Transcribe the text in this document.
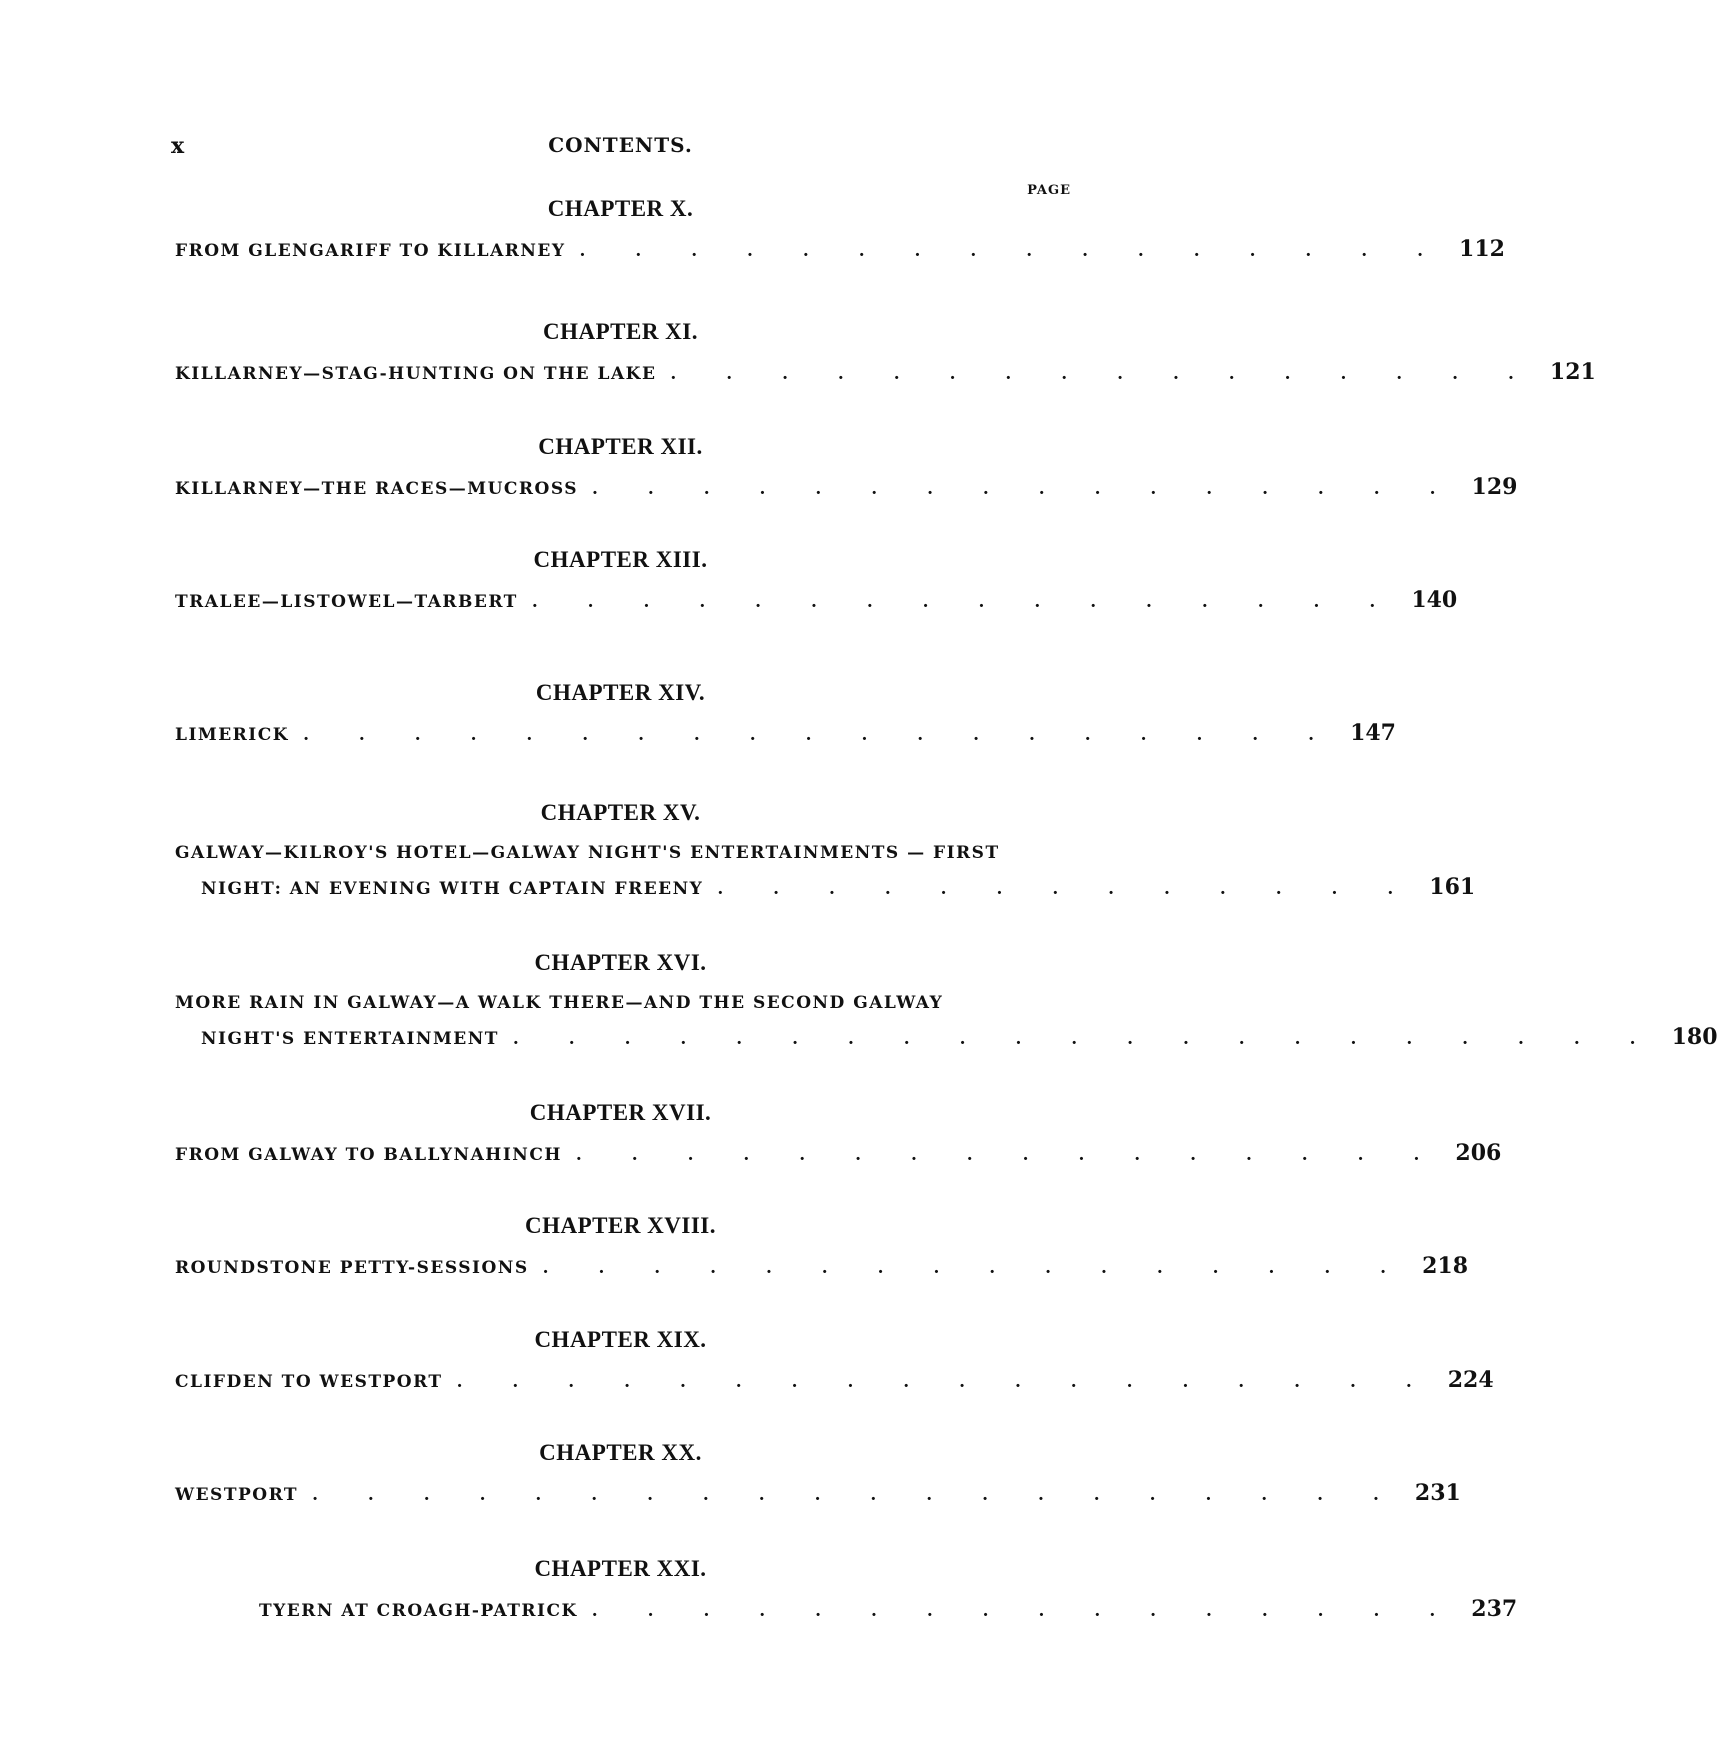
x	CONTENTS.
PAGE
CHAPTER X.
FROM GLENGARIFF TO KILLARNEY . . . . . . . . . . . . . . . . 112
CHAPTER XI.
KILLARNEY—STAG-HUNTING ON THE LAKE . . . . . . . . . . . . . . . . 121
CHAPTER XII.
KILLARNEY—THE RACES—MUCROSS . . . . . . . . . . . . . . . . 129
CHAPTER XIII.
TRALEE—LISTOWEL—TARBERT . . . . . . . . . . . . . . . . 140
CHAPTER XIV.
LIMERICK . . . . . . . . . . . . . . . . . . . 147
CHAPTER XV.
GALWAY—KILROY'S HOTEL—GALWAY NIGHT'S ENTERTAINMENTS — FIRST
NIGHT: AN EVENING WITH CAPTAIN FREENY . . . . . . . . . . . . . 161
CHAPTER XVI.
MORE RAIN IN GALWAY—A WALK THERE—AND THE SECOND GALWAY
NIGHT'S ENTERTAINMENT . . . . . . . . . . . . . . . . . . . . . 180
CHAPTER XVII.
FROM GALWAY TO BALLYNAHINCH . . . . . . . . . . . . . . . . 206
CHAPTER XVIII.
ROUNDSTONE PETTY-SESSIONS . . . . . . . . . . . . . . . . 218
CHAPTER XIX.
CLIFDEN TO WESTPORT . . . . . . . . . . . . . . . . . . 224
CHAPTER XX.
WESTPORT . . . . . . . . . . . . . . . . . . . . 231
CHAPTER XXI.
TYERN AT CROAGH-PATRICK . . . . . . . . . . . . . . . . 237
